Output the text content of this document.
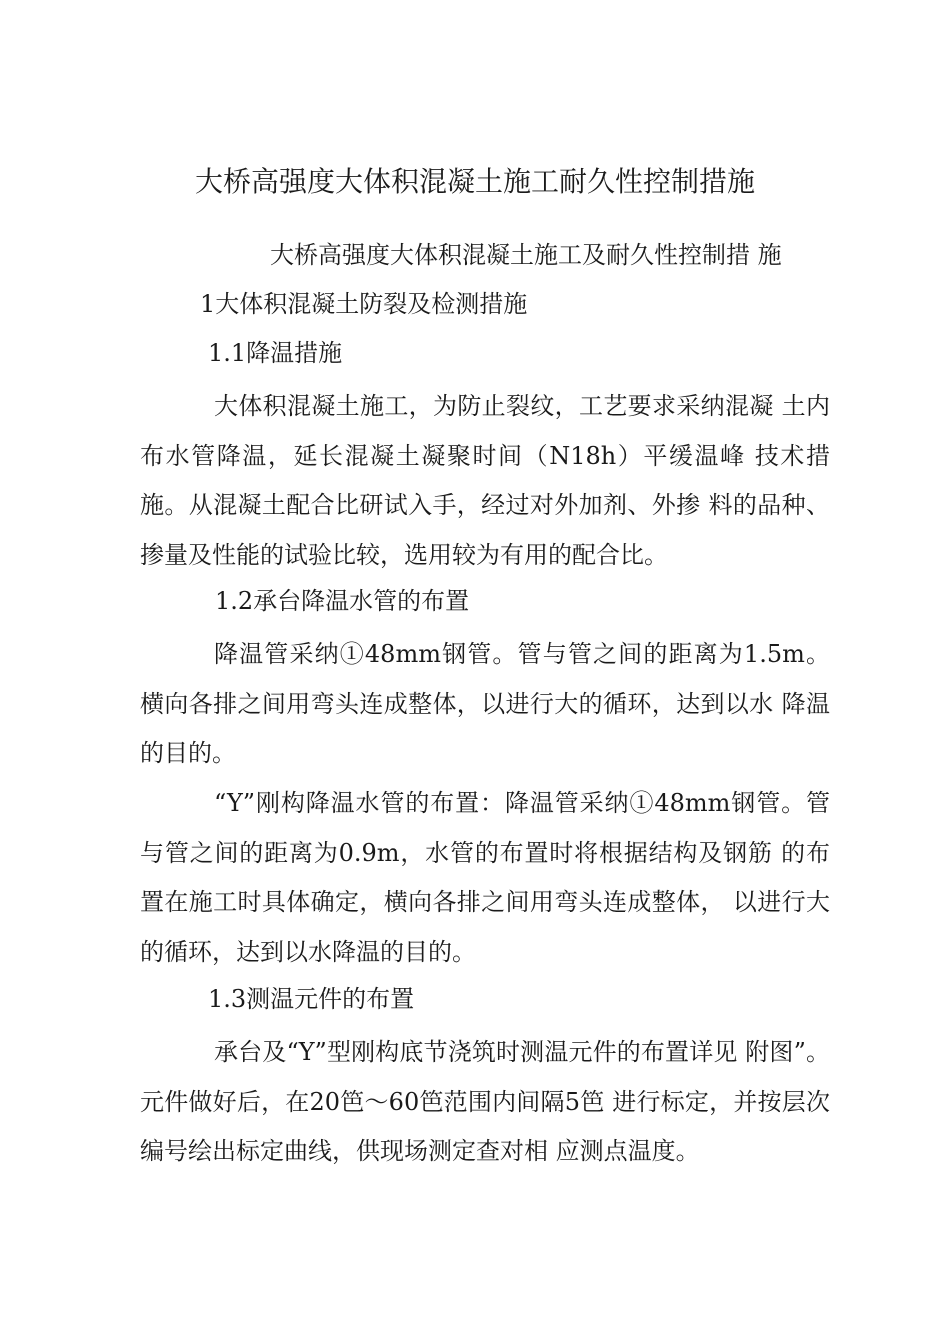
大桥高强度大体积混凝土施工耐久性控制措施
大桥高强度大体积混凝土施工及耐久性控制措 施
1大体积混凝土防裂及检测措施
1.1降温措施

大体积混凝土施工，为防止裂纹，工艺要求采纳混凝 土内布水管降温，延长混凝土凝聚时间（N18h）平缓温峰 技术措施。从混凝土配合比研试入手，经过对外加剂、外掺 料的品种、掺量及性能的试验比较，选用较为有用的配合比。

1.2承台降温水管的布置

降温管采纳①48mm钢管。管与管之间的距离为1.5m。横向各排之间用弯头连成整体，以进行大的循环，达到以水 降温的目的。

“Y”刚构降温水管的布置：降温管采纳①48mm钢管。管与管之间的距离为0.9m，水管的布置时将根据结构及钢筋 的布置在施工时具体确定，横向各排之间用弯头连成整体， 以进行大的循环，达到以水降温的目的。

1.3测温元件的布置

承台及“Y”型刚构底节浇筑时测温元件的布置详见 附图”。元件做好后，在20笆〜60笆范围内间隔5笆 进行标定，并按层次编号绘出标定曲线，供现场测定查对相 应测点温度。
